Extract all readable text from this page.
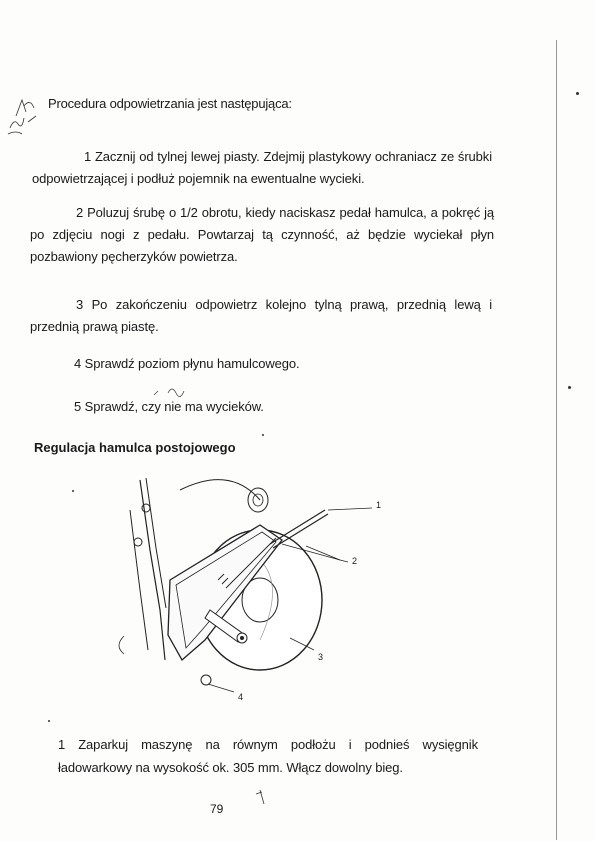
Procedura odpowietrzania jest następująca:
1 Zacznij od tylnej lewej piasty. Zdejmij plastykowy ochraniacz ze śrubki odpowietrzającej i podłuż pojemnik na ewentualne wycieki.
2 Poluzuj śrubę o 1/2 obrotu, kiedy naciskasz pedał hamulca, a pokręć ją po zdjęciu nogi z pedału. Powtarzaj tą czynność, aż będzie wyciekał płyn pozbawiony pęcherzyków powietrza.
3 Po zakończeniu odpowietrz kolejno tylną prawą, przednią lewą i przednią prawą piastę.
4 Sprawdź poziom płynu hamulcowego.
5 Sprawdź, czy nie ma wycieków.
Regulacja hamulca postojowego
1
2
3
4
1 Zaparkuj maszynę na równym podłożu i podnieś wysięgnik ładowarkowy na wysokość ok. 305 mm. Włącz dowolny bieg.
79
